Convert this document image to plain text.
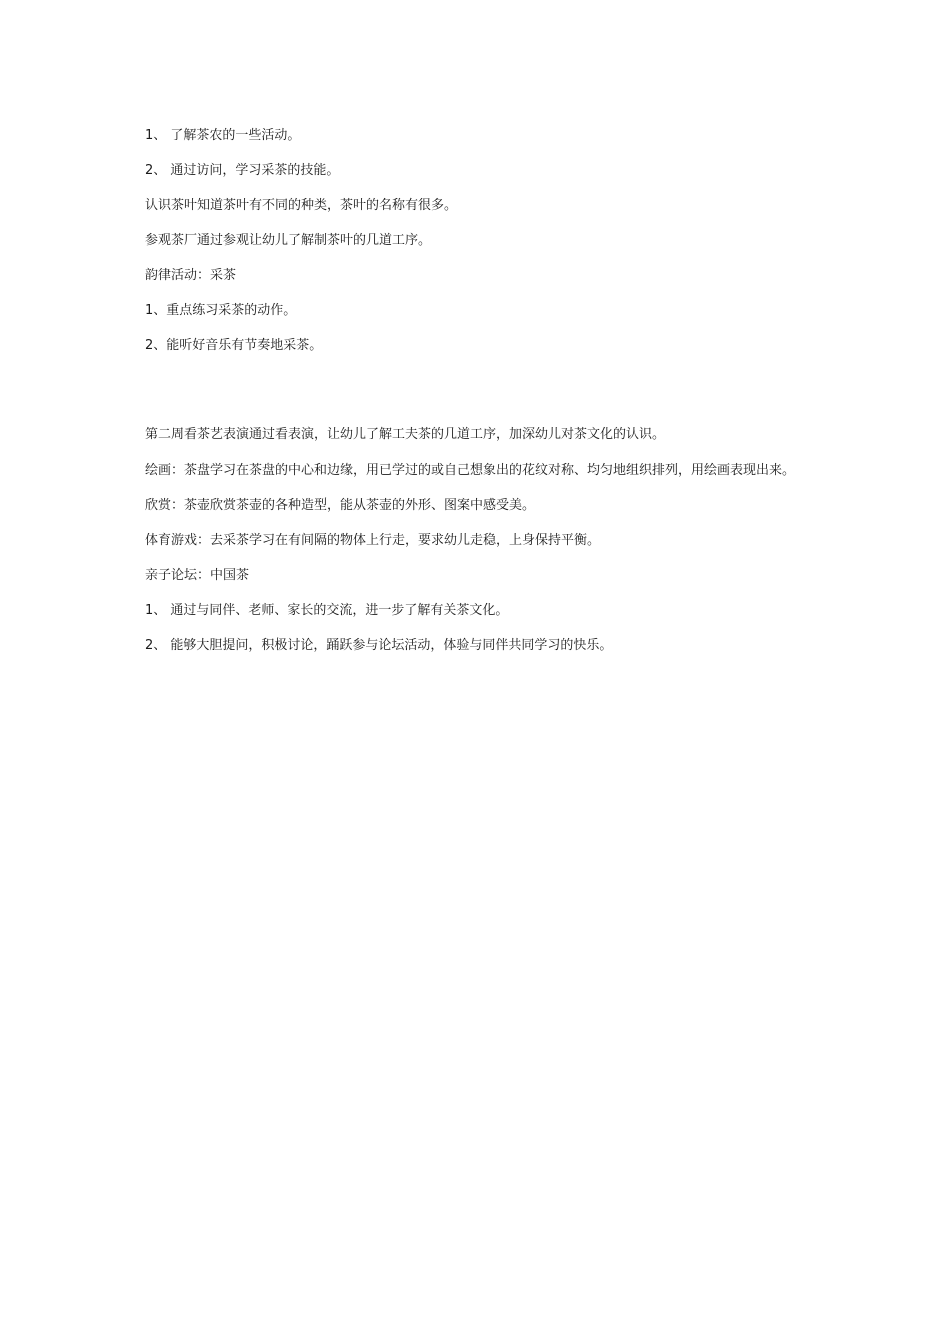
1、 了解茶农的一些活动。

2、 通过访问，学习采茶的技能。

认识茶叶知道茶叶有不同的种类，茶叶的名称有很多。

参观茶厂通过参观让幼儿了解制茶叶的几道工序。

韵律活动：采茶

1、重点练习采茶的动作。

2、能听好音乐有节奏地采茶。

第二周看茶艺表演通过看表演，让幼儿了解工夫茶的几道工序，加深幼儿对茶文化的认识。

绘画：茶盘学习在茶盘的中心和边缘，用已学过的或自己想象出的花纹对称、均匀地组织排列，用绘画表现出来。

欣赏：茶壶欣赏茶壶的各种造型，能从茶壶的外形、图案中感受美。

体育游戏：去采茶学习在有间隔的物体上行走，要求幼儿走稳，上身保持平衡。

亲子论坛：中国茶

1、 通过与同伴、老师、家长的交流，进一步了解有关茶文化。

2、 能够大胆提问，积极讨论，踊跃参与论坛活动，体验与同伴共同学习的快乐。
